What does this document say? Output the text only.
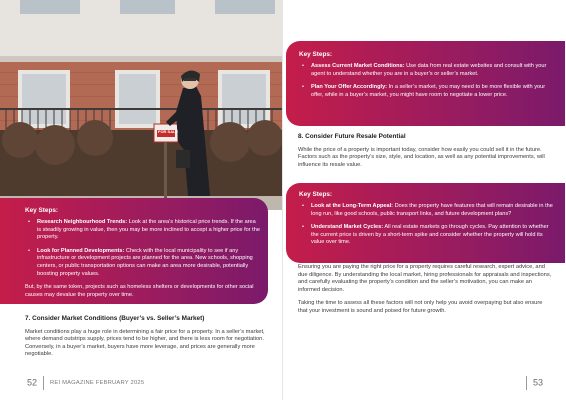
FOR SALE
Key Steps:
• Research Neighbourhood Trends: Look at the area’s historical price trends. If the area is steadily growing in value, then you may be more inclined to accept a higher price for the property.
• Look for Planned Developments: Check with the local municipality to see if any infrastructure or development projects are planned for the area. New schools, shopping centers, or public transportation options can make an area more desirable, potentially boosting property values.

But, by the same token, projects such as homeless shelters or developments for other social causes may devalue the property over time.

7. Consider Market Conditions (Buyer’s vs. Seller’s Market)

Market conditions play a huge role in determining a fair price for a property. In a seller’s market, where demand outstrips supply, prices tend to be higher, and there is less room for negotiation. Conversely, in a buyer’s market, buyers have more leverage, and prices are generally more negotiable.

52 REI MAGAZINE FEBRUARY 2025
Key Steps:
• Assess Current Market Conditions: Use data from real estate websites and consult with your agent to understand whether you are in a buyer’s or seller’s market.
• Plan Your Offer Accordingly: In a seller’s market, you may need to be more flexible with your offer, while in a buyer’s market, you might have room to negotiate a lower price.
8. Consider Future Resale Potential

While the price of a property is important today, consider how easily you could sell it in the future. Factors such as the property’s size, style, and location, as well as any potential improvements, will influence its resale value.

Key Steps:
• Look at the Long-Term Appeal: Does the property have features that will remain desirable in the long run, like good schools, public transport links, and future development plans?
• Understand Market Cycles: All real estate markets go through cycles. Pay attention to whether the current price is driven by a short-term spike and consider whether the property will hold its value over time.

Ensuring you are paying the right price for a property requires careful research, expert advice, and due diligence. By understanding the local market, hiring professionals for appraisals and inspections, and carefully evaluating the property’s condition and the seller’s motivation, you can make an informed decision.

Taking the time to assess all these factors will not only help you avoid overpaying but also ensure that your investment is sound and poised for future growth.

53
